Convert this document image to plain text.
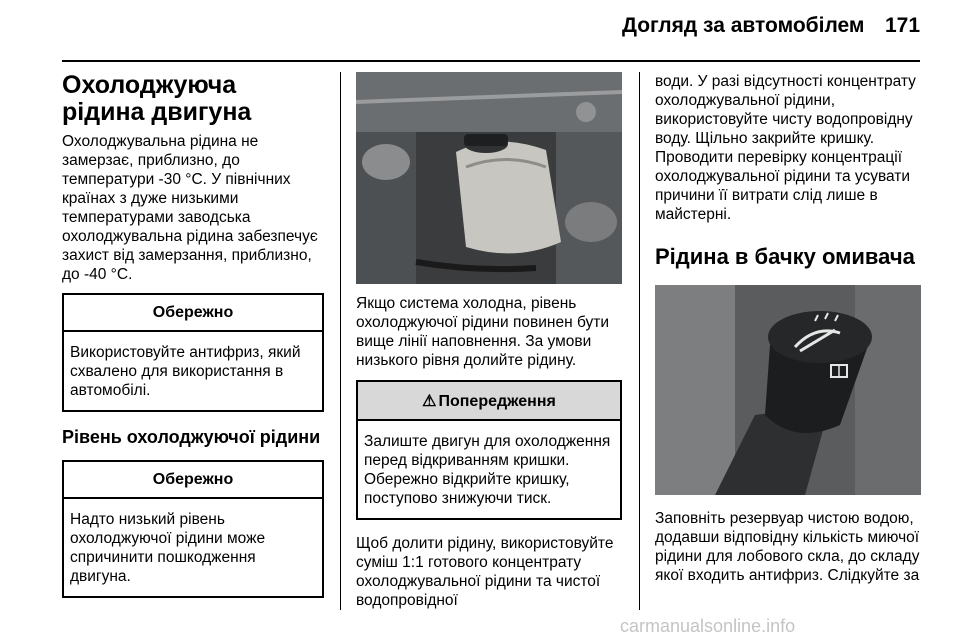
Догляд за автомобілем 171
Охолоджуюча рідина двигуна
Охолоджувальна рідина не замерзає, приблизно, до температури -30 °C. У північних країнах з дуже низькими температурами заводська охолоджувальна рідина забезпечує захист від замерзання, приблизно, до -40 °C.
Обережно
Використовуйте антифриз, який схвалено для використання в автомобілі.
Рівень охолоджуючої рідини
Обережно
Надто низький рівень охолоджуючої рідини може спричинити пошкодження двигуна.
Якщо система холодна, рівень охолоджуючої рідини повинен бути вище лінії наповнення. За умови низького рівня долийте рідину.
⚠ Попередження
Залиште двигун для охолодження перед відкриванням кришки. Обережно відкрийте кришку, поступово знижуючи тиск.
Щоб долити рідину, використовуйте суміш 1:1 готового концентрату охолоджувальної рідини та чистої водопровідної
води. У разі відсутності концентрату охолоджувальної рідини, використовуйте чисту водопровідну воду. Щільно закрийте кришку. Проводити перевірку концентрації охолоджувальної рідини та усувати причини її витрати слід лише в майстерні.
Рідина в бачку омивача
Заповніть резервуар чистою водою, додавши відповідну кількість миючої рідини для лобового скла, до складу якої входить антифриз. Слідкуйте за
carmanualsonline.info
